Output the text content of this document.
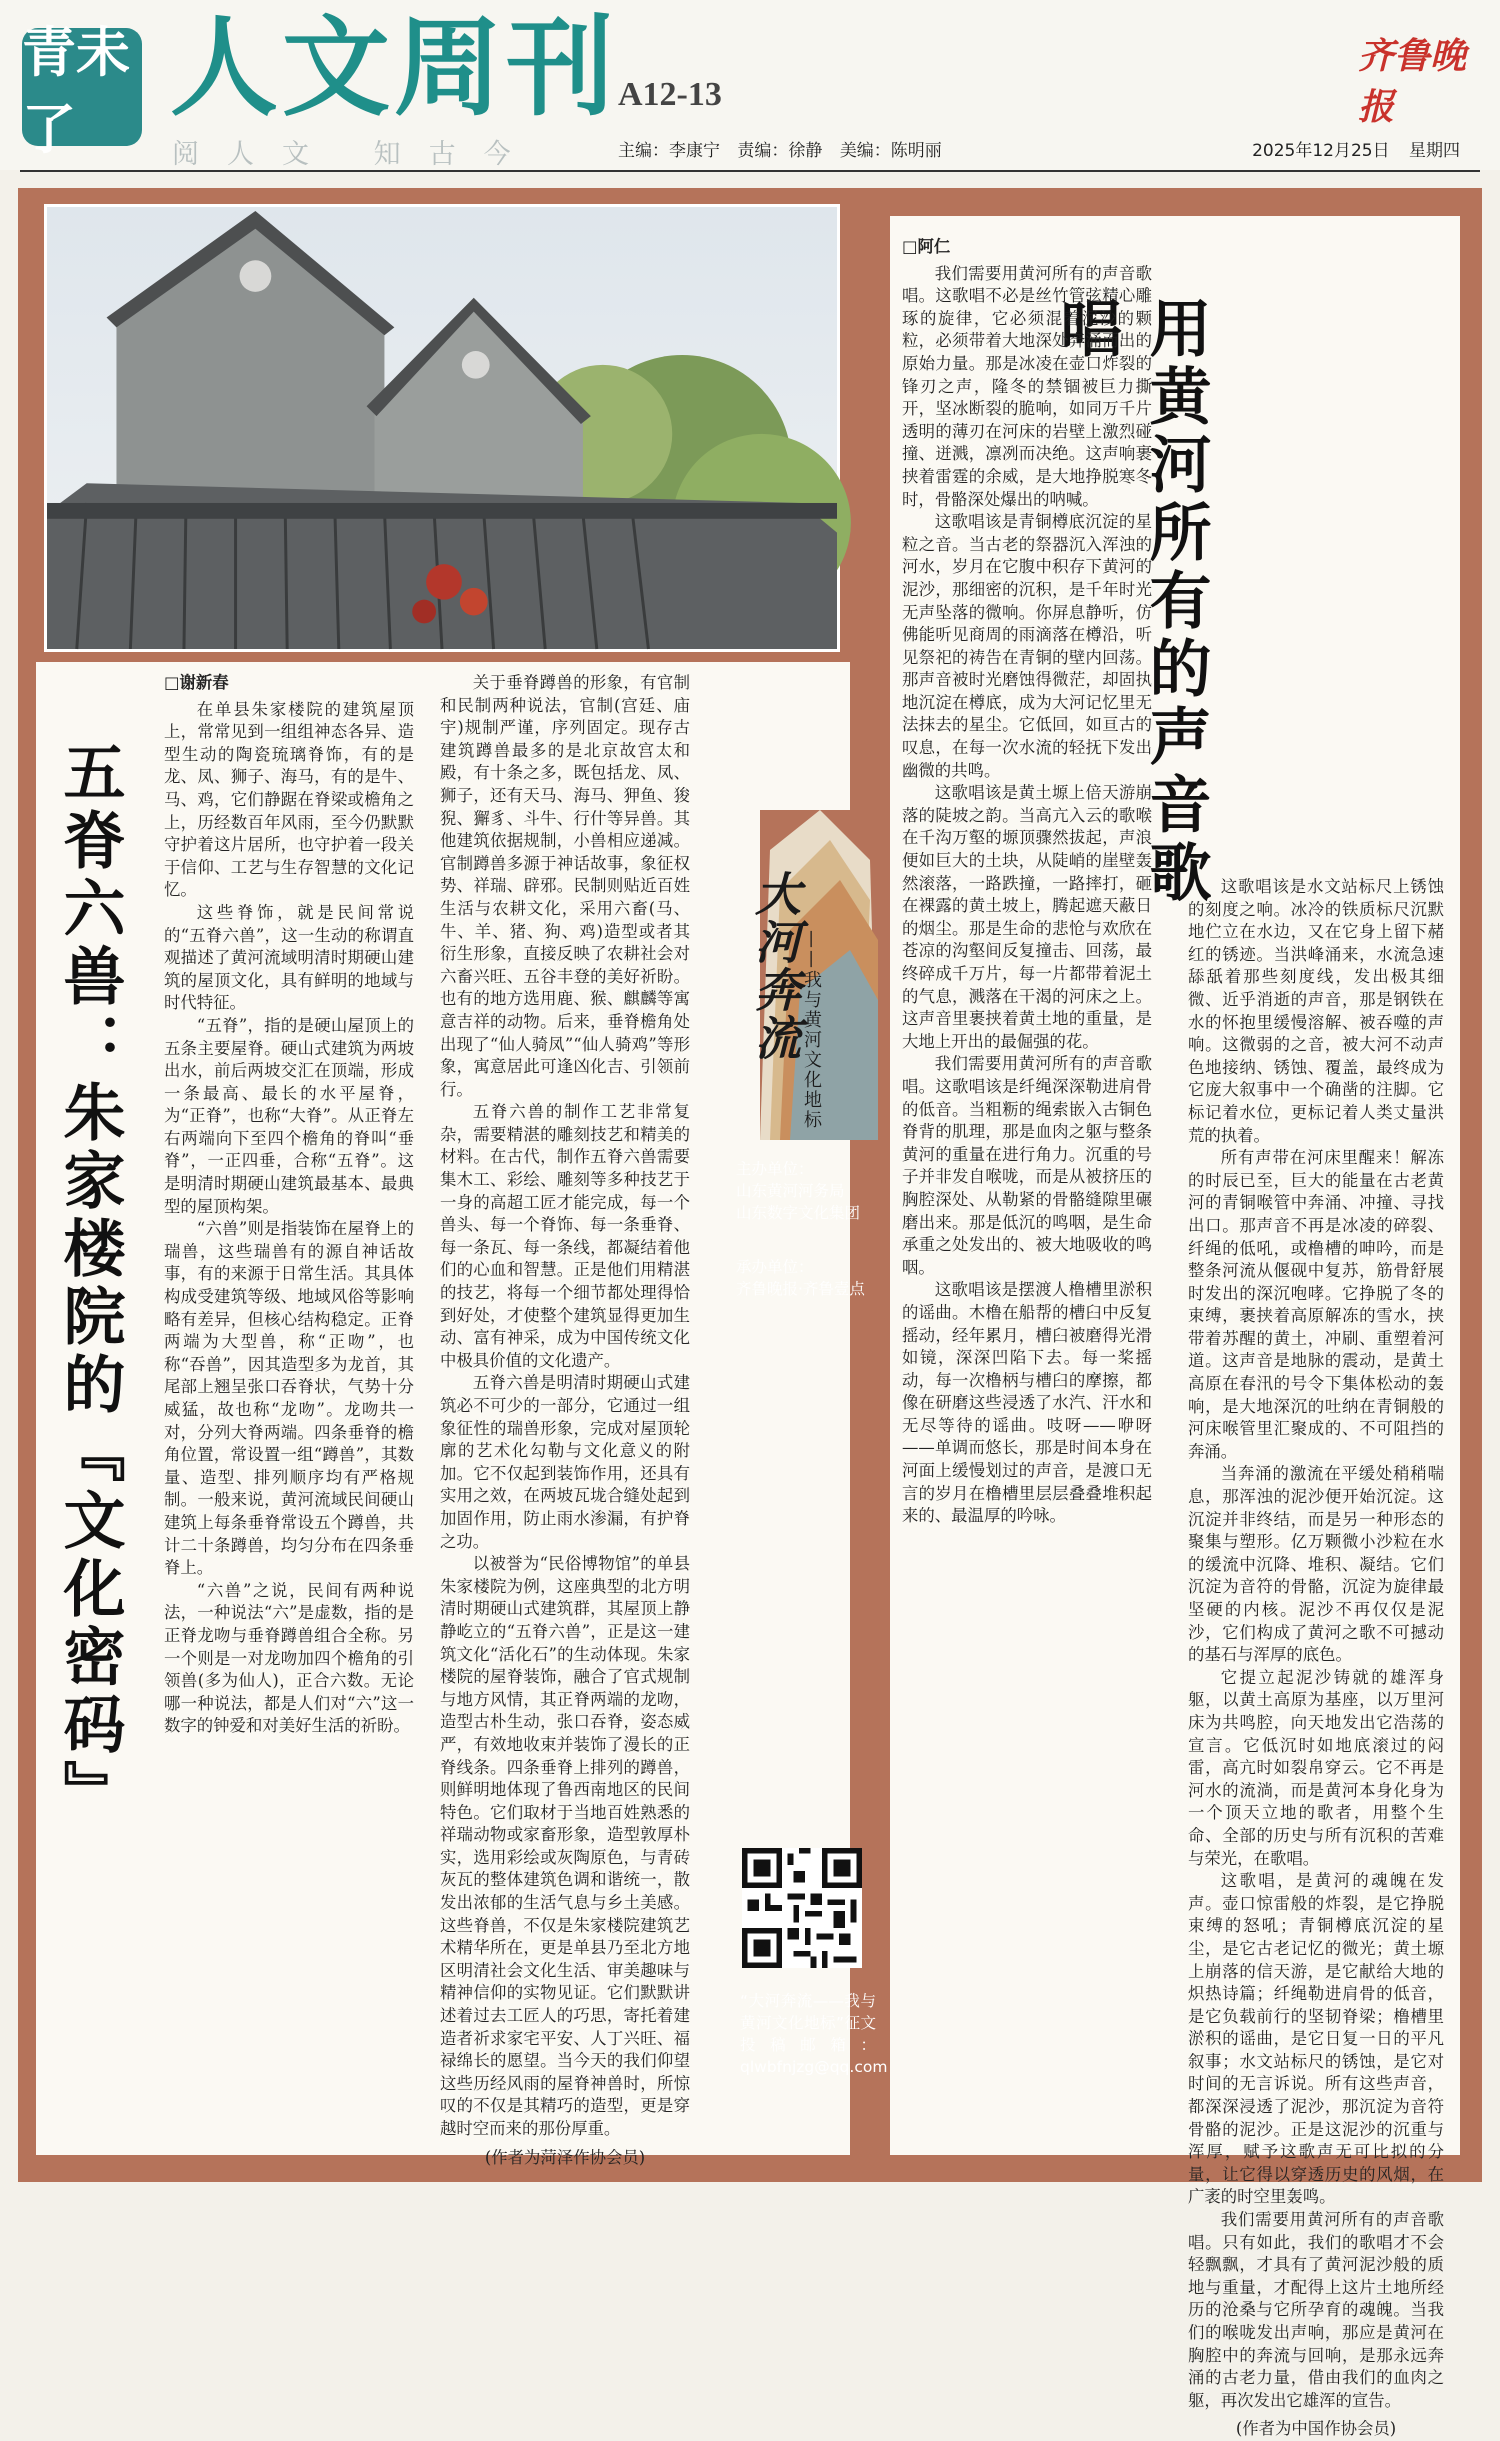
青未了 人文周刊 A12-13
阅人文 知古今	主编：李康宁 责编：徐静 美编：陈明丽
齐鲁晚报
2025年12月25日 星期四
五脊六兽：朱家楼院的『文化密码』

□谢新春

在单县朱家楼院的建筑屋顶上，常常见到一组组神态各异、造型生动的陶瓷琉璃脊饰，有的是龙、凤、狮子、海马，有的是牛、马、鸡，它们静踞在脊梁或檐角之上，历经数百年风雨，至今仍默默守护着这片居所，也守护着一段关于信仰、工艺与生存智慧的文化记忆。

这些脊饰，就是民间常说的“五脊六兽”，这一生动的称谓直观描述了黄河流域明清时期硬山建筑的屋顶文化，具有鲜明的地域与时代特征。

“五脊”，指的是硬山屋顶上的五条主要屋脊。硬山式建筑为两坡出水，前后两坡交汇在顶端，形成一条最高、最长的水平屋脊，为“正脊”，也称“大脊”。从正脊左右两端向下至四个檐角的脊叫“垂脊”，一正四垂，合称“五脊”。这是明清时期硬山建筑最基本、最典型的屋顶构架。

“六兽”则是指装饰在屋脊上的瑞兽，这些瑞兽有的源自神话故事，有的来源于日常生活。其具体构成受建筑等级、地域风俗等影响略有差异，但核心结构稳定。正脊两端为大型兽，称“正吻”，也称“吞兽”，因其造型多为龙首，其尾部上翘呈张口吞脊状，气势十分威猛，故也称“龙吻”。龙吻共一对，分列大脊两端。四条垂脊的檐角位置，常设置一组“蹲兽”，其数量、造型、排列顺序均有严格规制。一般来说，黄河流域民间硬山建筑上每条垂脊常设五个蹲兽，共计二十条蹲兽，均匀分布在四条垂脊上。

“六兽”之说，民间有两种说法，一种说法“六”是虚数，指的是正脊龙吻与垂脊蹲兽组合全称。另一个则是一对龙吻加四个檐角的引领兽(多为仙人)，正合六数。无论哪一种说法，都是人们对“六”这一数字的钟爱和对美好生活的祈盼。

关于垂脊蹲兽的形象，有官制和民制两种说法，官制(宫廷、庙宇)规制严谨，序列固定。现存古建筑蹲兽最多的是北京故宫太和殿，有十条之多，既包括龙、凤、狮子，还有天马、海马、狎鱼、狻猊、獬豸、斗牛、行什等异兽。其他建筑依据规制，小兽相应递减。官制蹲兽多源于神话故事，象征权势、祥瑞、辟邪。民制则贴近百姓生活与农耕文化，采用六畜(马、牛、羊、猪、狗、鸡)造型或者其衍生形象，直接反映了农耕社会对六畜兴旺、五谷丰登的美好祈盼。也有的地方选用鹿、猴、麒麟等寓意吉祥的动物。后来，垂脊檐角处出现了“仙人骑凤”“仙人骑鸡”等形象，寓意居此可逢凶化吉、引领前行。

五脊六兽的制作工艺非常复杂，需要精湛的雕刻技艺和精美的材料。在古代，制作五脊六兽需要集木工、彩绘、雕刻等多种技艺于一身的高超工匠才能完成，每一个兽头、每一个脊饰、每一条垂脊、每一条瓦、每一条线，都凝结着他们的心血和智慧。正是他们用精湛的技艺，将每一个细节都处理得恰到好处，才使整个建筑显得更加生动、富有神采，成为中国传统文化中极具价值的文化遗产。

五脊六兽是明清时期硬山式建筑必不可少的一部分，它通过一组象征性的瑞兽形象，完成对屋顶轮廓的艺术化勾勒与文化意义的附加。它不仅起到装饰作用，还具有实用之效，在两坡瓦垅合缝处起到加固作用，防止雨水渗漏，有护脊之功。

以被誉为“民俗博物馆”的单县朱家楼院为例，这座典型的北方明清时期硬山式建筑群，其屋顶上静静屹立的“五脊六兽”，正是这一建筑文化“活化石”的生动体现。朱家楼院的屋脊装饰，融合了官式规制与地方风情，其正脊两端的龙吻，造型古朴生动，张口吞脊，姿态威严，有效地收束并装饰了漫长的正脊线条。四条垂脊上排列的蹲兽，则鲜明地体现了鲁西南地区的民间特色。它们取材于当地百姓熟悉的祥瑞动物或家畜形象，造型敦厚朴实，选用彩绘或灰陶原色，与青砖灰瓦的整体建筑色调和谐统一，散发出浓郁的生活气息与乡土美感。这些脊兽，不仅是朱家楼院建筑艺术精华所在，更是单县乃至北方地区明清社会文化生活、审美趣味与精神信仰的实物见证。它们默默讲述着过去工匠人的巧思，寄托着建造者祈求家宅平安、人丁兴旺、福禄绵长的愿望。当今天的我们仰望这些历经风雨的屋脊神兽时，所惊叹的不仅是其精巧的造型，更是穿越时空而来的那份厚重。

(作者为菏泽作协会员)

大河奔流 ——我与黄河文化地标
主办单位：
山东黄河河务局
山东数字文化集团
承办单位：
齐鲁晚报·齐鲁壹点
“大河奔流——我与黄河文化地标”征文投稿邮箱：qlwbfnjzg@qq.com
用黄河所有的声音歌唱

□阿仁

我们需要用黄河所有的声音歌唱。这歌唱不必是丝竹管弦精心雕琢的旋律，它必须混着泥沙的颗粒，必须带着大地深处奔涌而出的原始力量。那是冰凌在壶口炸裂的锋刃之声，隆冬的禁锢被巨力撕开，坚冰断裂的脆响，如同万千片透明的薄刃在河床的岩壁上激烈碰撞、迸溅，凛冽而决绝。这声响裹挟着雷霆的余威，是大地挣脱寒冬时，骨骼深处爆出的呐喊。

这歌唱该是青铜樽底沉淀的星粒之音。当古老的祭器沉入浑浊的河水，岁月在它腹中积存下黄河的泥沙，那细密的沉积，是千年时光无声坠落的微响。你屏息静听，仿佛能听见商周的雨滴落在樽沿，听见祭祀的祷告在青铜的壁内回荡。那声音被时光磨蚀得微茫，却固执地沉淀在樽底，成为大河记忆里无法抹去的星尘。它低回，如亘古的叹息，在每一次水流的轻抚下发出幽微的共鸣。

这歌唱该是黄土塬上倍天游崩落的陡坡之韵。当高亢入云的歌喉在千沟万壑的塬顶骤然拔起，声浪便如巨大的土块，从陡峭的崖壁轰然滚落，一路跌撞，一路摔打，砸在裸露的黄土坡上，腾起遮天蔽日的烟尘。那是生命的悲怆与欢欣在苍凉的沟壑间反复撞击、回荡，最终碎成千万片，每一片都带着泥土的气息，溅落在干渴的河床之上。这声音里裹挟着黄土地的重量，是大地上开出的最倔强的花。

我们需要用黄河所有的声音歌唱。这歌唱该是纤绳深深勒进肩骨的低音。当粗粝的绳索嵌入古铜色脊背的肌理，那是血肉之躯与整条黄河的重量在进行角力。沉重的号子并非发自喉咙，而是从被挤压的胸腔深处、从勒紧的骨骼缝隙里碾磨出来。那是低沉的鸣咽，是生命承重之处发出的、被大地吸收的鸣咽。

这歌唱该是摆渡人橹槽里淤积的谣曲。木橹在船帮的槽臼中反复摇动，经年累月，槽臼被磨得光滑如镜，深深凹陷下去。每一桨摇动，每一次橹柄与槽臼的摩擦，都像在研磨这些浸透了水汽、汗水和无尽等待的谣曲。吱呀——咿呀——单调而悠长，那是时间本身在河面上缓慢划过的声音，是渡口无言的岁月在橹槽里层层叠叠堆积起来的、最温厚的吟咏。

这歌唱该是水文站标尺上锈蚀的刻度之响。冰冷的铁质标尺沉默地伫立在水边，又在它身上留下赭红的锈迹。当洪峰涌来，水流急速舔舐着那些刻度线，发出极其细微、近乎消逝的声音，那是钢铁在水的怀抱里缓慢溶解、被吞噬的声响。这微弱的之音，被大河不动声色地接纳、锈蚀、覆盖，最终成为它庞大叙事中一个确凿的注脚。它标记着水位，更标记着人类丈量洪荒的执着。

所有声带在河床里醒来！解冻的时辰已至，巨大的能量在古老黄河的青铜喉管中奔涌、冲撞、寻找出口。那声音不再是冰凌的碎裂、纤绳的低吼，或橹槽的呻吟，而是整条河流从偃砚中复苏，筋骨舒展时发出的深沉咆哮。它挣脱了冬的束缚，裹挟着高原解冻的雪水，挟带着苏醒的黄土，冲刷、重塑着河道。这声音是地脉的震动，是黄土高原在春汛的号令下集体松动的轰响，是大地深沉的吐纳在青铜般的河床喉管里汇聚成的、不可阻挡的奔涌。

当奔涌的激流在平缓处稍稍喘息，那浑浊的泥沙便开始沉淀。这沉淀并非终结，而是另一种形态的聚集与塑形。亿万颗微小沙粒在水的缓流中沉降、堆积、凝结。它们沉淀为音符的骨骼，沉淀为旋律最坚硬的内核。泥沙不再仅仅是泥沙，它们构成了黄河之歌不可撼动的基石与浑厚的底色。

它提立起泥沙铸就的雄浑身躯，以黄土高原为基座，以万里河床为共鸣腔，向天地发出它浩荡的宣言。它低沉时如地底滚过的闷雷，高亢时如裂帛穿云。它不再是河水的流淌，而是黄河本身化身为一个顶天立地的歌者，用整个生命、全部的历史与所有沉积的苦难与荣光，在歌唱。

这歌唱，是黄河的魂魄在发声。壶口惊雷般的炸裂，是它挣脱束缚的怒吼；青铜樽底沉淀的星尘，是它古老记忆的微光；黄土塬上崩落的信天游，是它献给大地的炽热诗篇；纤绳勒进肩骨的低音，是它负载前行的坚韧脊梁；橹槽里淤积的谣曲，是它日复一日的平凡叙事；水文站标尺的锈蚀，是它对时间的无言诉说。所有这些声音，都深深浸透了泥沙，那沉淀为音符骨骼的泥沙。正是这泥沙的沉重与浑厚，赋予这歌声无可比拟的分量，让它得以穿透历史的风烟，在广袤的时空里轰鸣。

我们需要用黄河所有的声音歌唱。只有如此，我们的歌唱才不会轻飘飘，才具有了黄河泥沙般的质地与重量，才配得上这片土地所经历的沧桑与它所孕育的魂魄。当我们的喉咙发出声响，那应是黄河在胸腔中的奔流与回响，是那永远奔涌的古老力量，借由我们的血肉之躯，再次发出它雄浑的宣告。

(作者为中国作协会员)
